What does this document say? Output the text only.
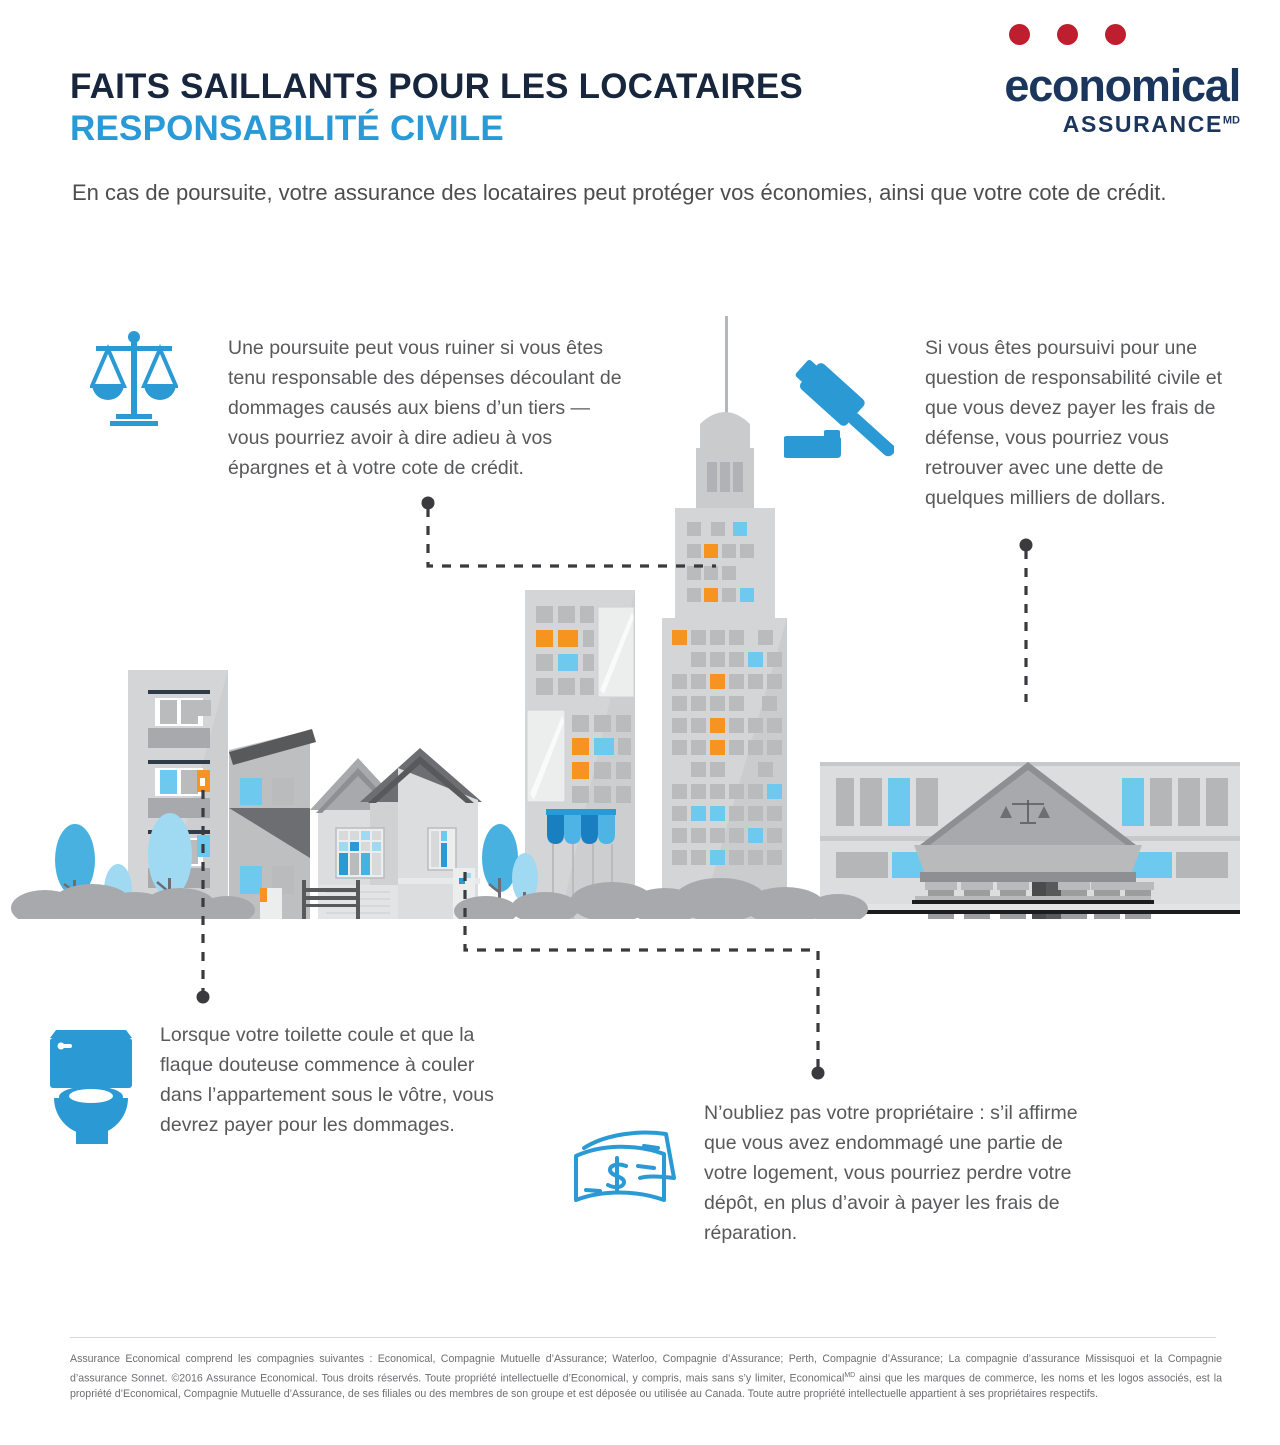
FAITS SAILLANTS POUR LES LOCATAIRES
RESPONSABILITÉ CIVILE
En cas de poursuite, votre assurance des locataires peut protéger vos économies, ainsi que votre cote de crédit.
economical
$ASSURANCE^{MD}$

Une poursuite peut vous ruiner si vous êtes tenu responsable des dépenses découlant de dommages causés aux biens d’un tiers — vous pourriez avoir à dire adieu à vos épargnes et à votre cote de crédit.

Si vous êtes poursuivi pour une question de responsabilité civile et que vous devez payer les frais de défense, vous pourriez vous retrouver avec une dette de quelques milliers de dollars.

Lorsque votre toilette coule et que la flaque douteuse commence à couler dans l’appartement sous le vôtre, vous devrez payer pour les dommages.

N’oubliez pas votre propriétaire : s’il affirme que vous avez endommagé une partie de votre logement, vous pourriez perdre votre dépôt, en plus d’avoir à payer les frais de réparation.

Assurance Economical comprend les compagnies suivantes : Economical, Compagnie Mutuelle d’Assurance; Waterloo, Compagnie d’Assurance; Perth, Compagnie d’Assurance; La compagnie d’assurance Missisquoi et la Compagnie d’assurance Sonnet. ©2016 Assurance Economical. Tous droits réservés. Toute propriété intellectuelle d’Economical, y compris, mais sans s’y limiter, Economical$^{MD}$ ainsi que les marques de commerce, les noms et les logos associés, est la propriété d’Economical, Compagnie Mutuelle d’Assurance, de ses filiales ou des membres de son groupe et est déposée ou utilisée au Canada. Toute autre propriété intellectuelle appartient à ses propriétaires respectifs.
